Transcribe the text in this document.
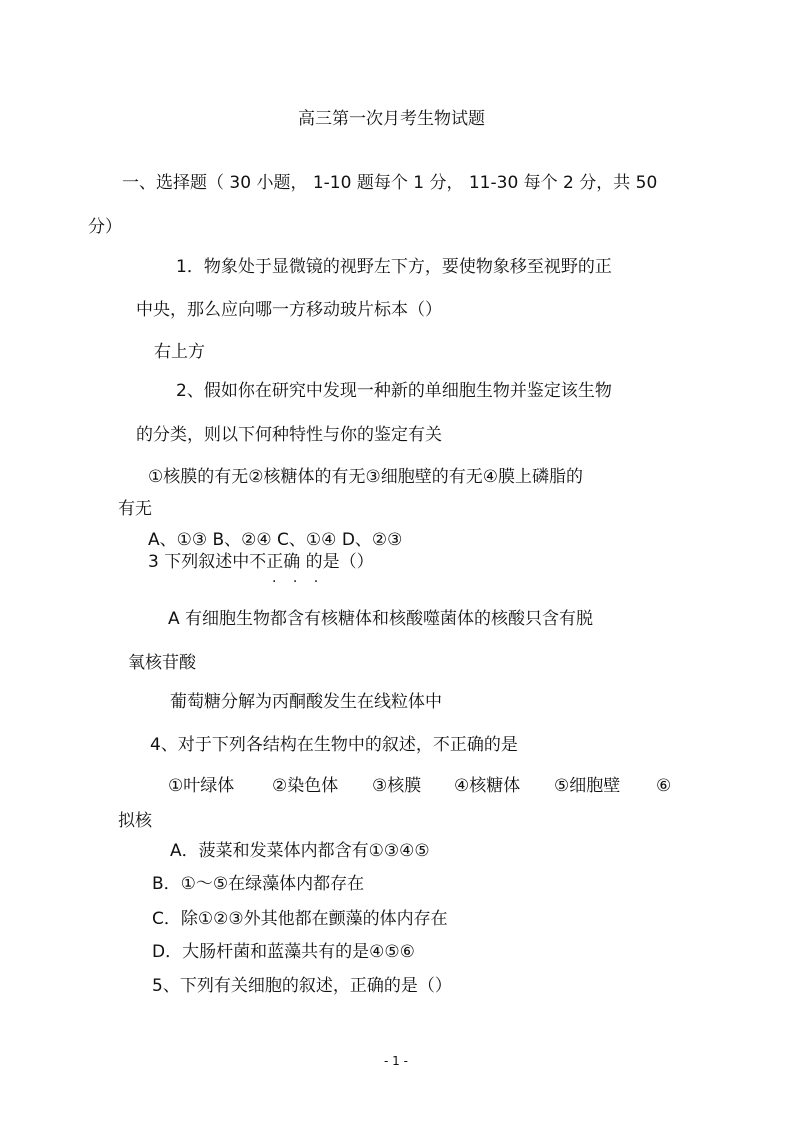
高三第一次月考生物试题
一、选择题（ 30 小题， 1-10 题每个 1 分， 11-30 每个 2 分，共 50
分）
1．物象处于显微镜的视野左下方，要使物象移至视野的正
中央，那么应向哪一方移动玻片标本（）
右上方
2、假如你在研究中发现一种新的单细胞生物并鉴定该生物
的分类，则以下何种特性与你的鉴定有关
①核膜的有无②核糖体的有无③细胞壁的有无④膜上磷脂的
有无
A、①③ B、②④ C、①④ D、②③
3 下列叙述中不正确 的是（）
· · ·
A 有细胞生物都含有核糖体和核酸噬菌体的核酸只含有脱
氧核苷酸
葡萄糖分解为丙酮酸发生在线粒体中
4、对于下列各结构在生物中的叙述，不正确的是
①叶绿体 ②染色体 ③核膜 ④核糖体 ⑤细胞壁 ⑥
拟核
A．菠菜和发菜体内都含有①③④⑤
B．①～⑤在绿藻体内都存在
C．除①②③外其他都在颤藻的体内存在
D．大肠杆菌和蓝藻共有的是④⑤⑥
5、下列有关细胞的叙述，正确的是（）
- 1 -
